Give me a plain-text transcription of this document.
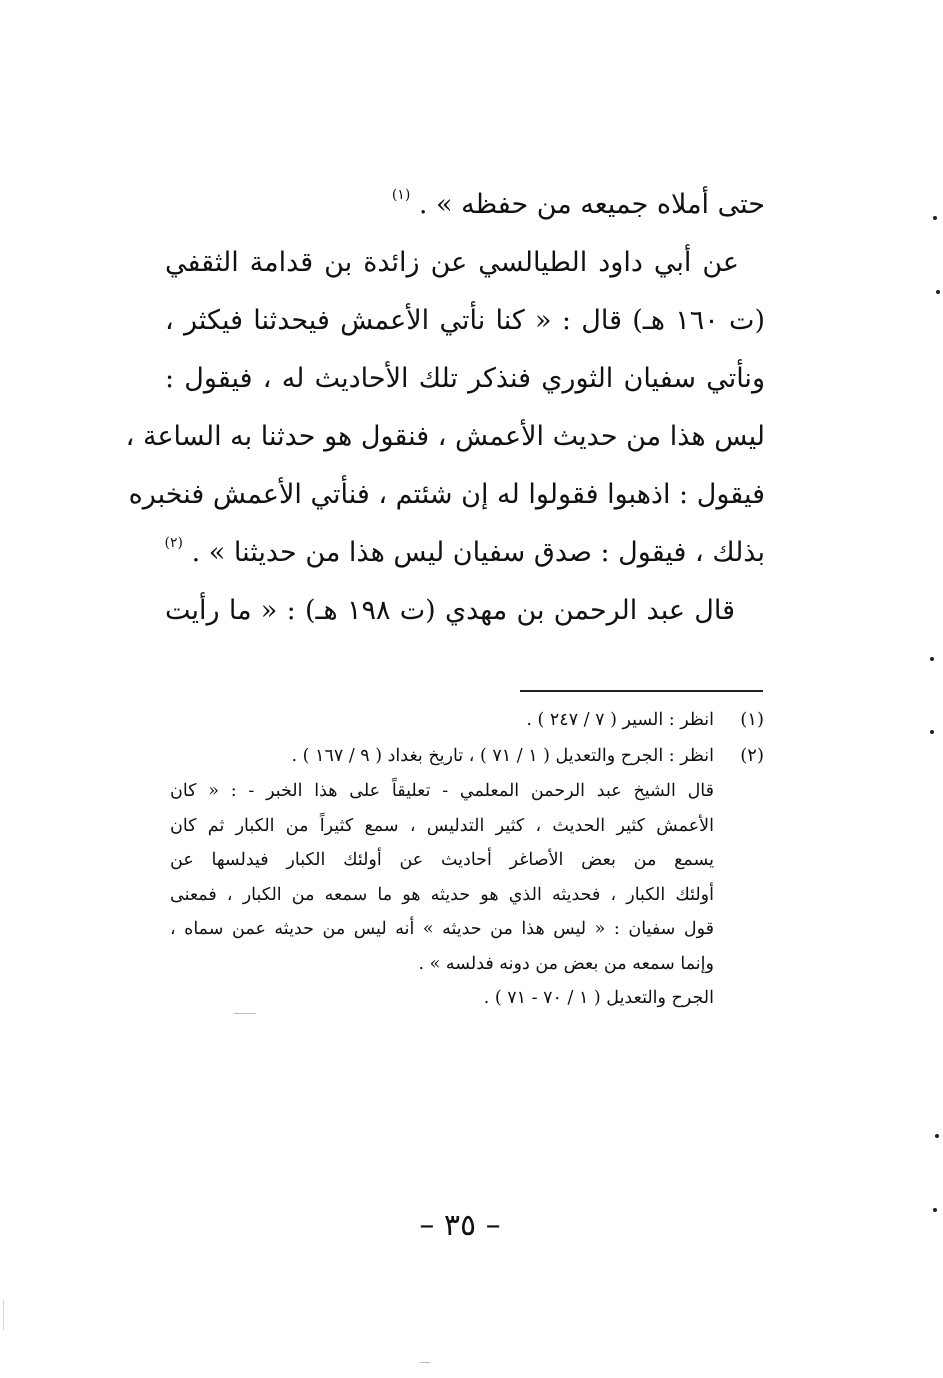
حتى أملاه جميعه من حفظه » . $^{(١)}$
عن أبي داود الطيالسي عن زائدة بن قدامة الثقفي
(ت ١٦٠ هـ) قال : « كنا نأتي الأعمش فيحدثنا فيكثر ،
ونأتي سفيان الثوري فنذكر تلك الأحاديث له ، فيقول :
ليس هذا من حديث الأعمش ، فنقول هو حدثنا به الساعة ،
فيقول : اذهبوا فقولوا له إن شئتم ، فنأتي الأعمش فنخبره
بذلك ، فيقول : صدق سفيان ليس هذا من حديثنا » . $^{(٢)}$
قال عبد الرحمن بن مهدي (ت ١٩٨ هـ) : « ما رأيت
(١)
انظر : السير ( ٧ / ٢٤٧ ) .
(٢)
انظر : الجرح والتعديل ( ١ / ٧١ ) ، تاريخ بغداد ( ٩ / ١٦٧ ) .
قال الشيخ عبد الرحمن المعلمي - تعليقاً على هذا الخبر - : « كان
الأعمش كثير الحديث ، كثير التدليس ، سمع كثيراً من الكبار ثم كان
يسمع من بعض الأصاغر أحاديث عن أولئك الكبار فيدلسها عن
أولئك الكبار ، فحديثه الذي هو حديثه هو ما سمعه من الكبار ، فمعنى
قول سفيان : « ليس هذا من حديثه » أنه ليس من حديثه عمن سماه ،
وإنما سمعه من بعض من دونه فدلسه » .
الجرح والتعديل ( ١ / ٧٠ - ٧١ ) .
– ٣٥ –
